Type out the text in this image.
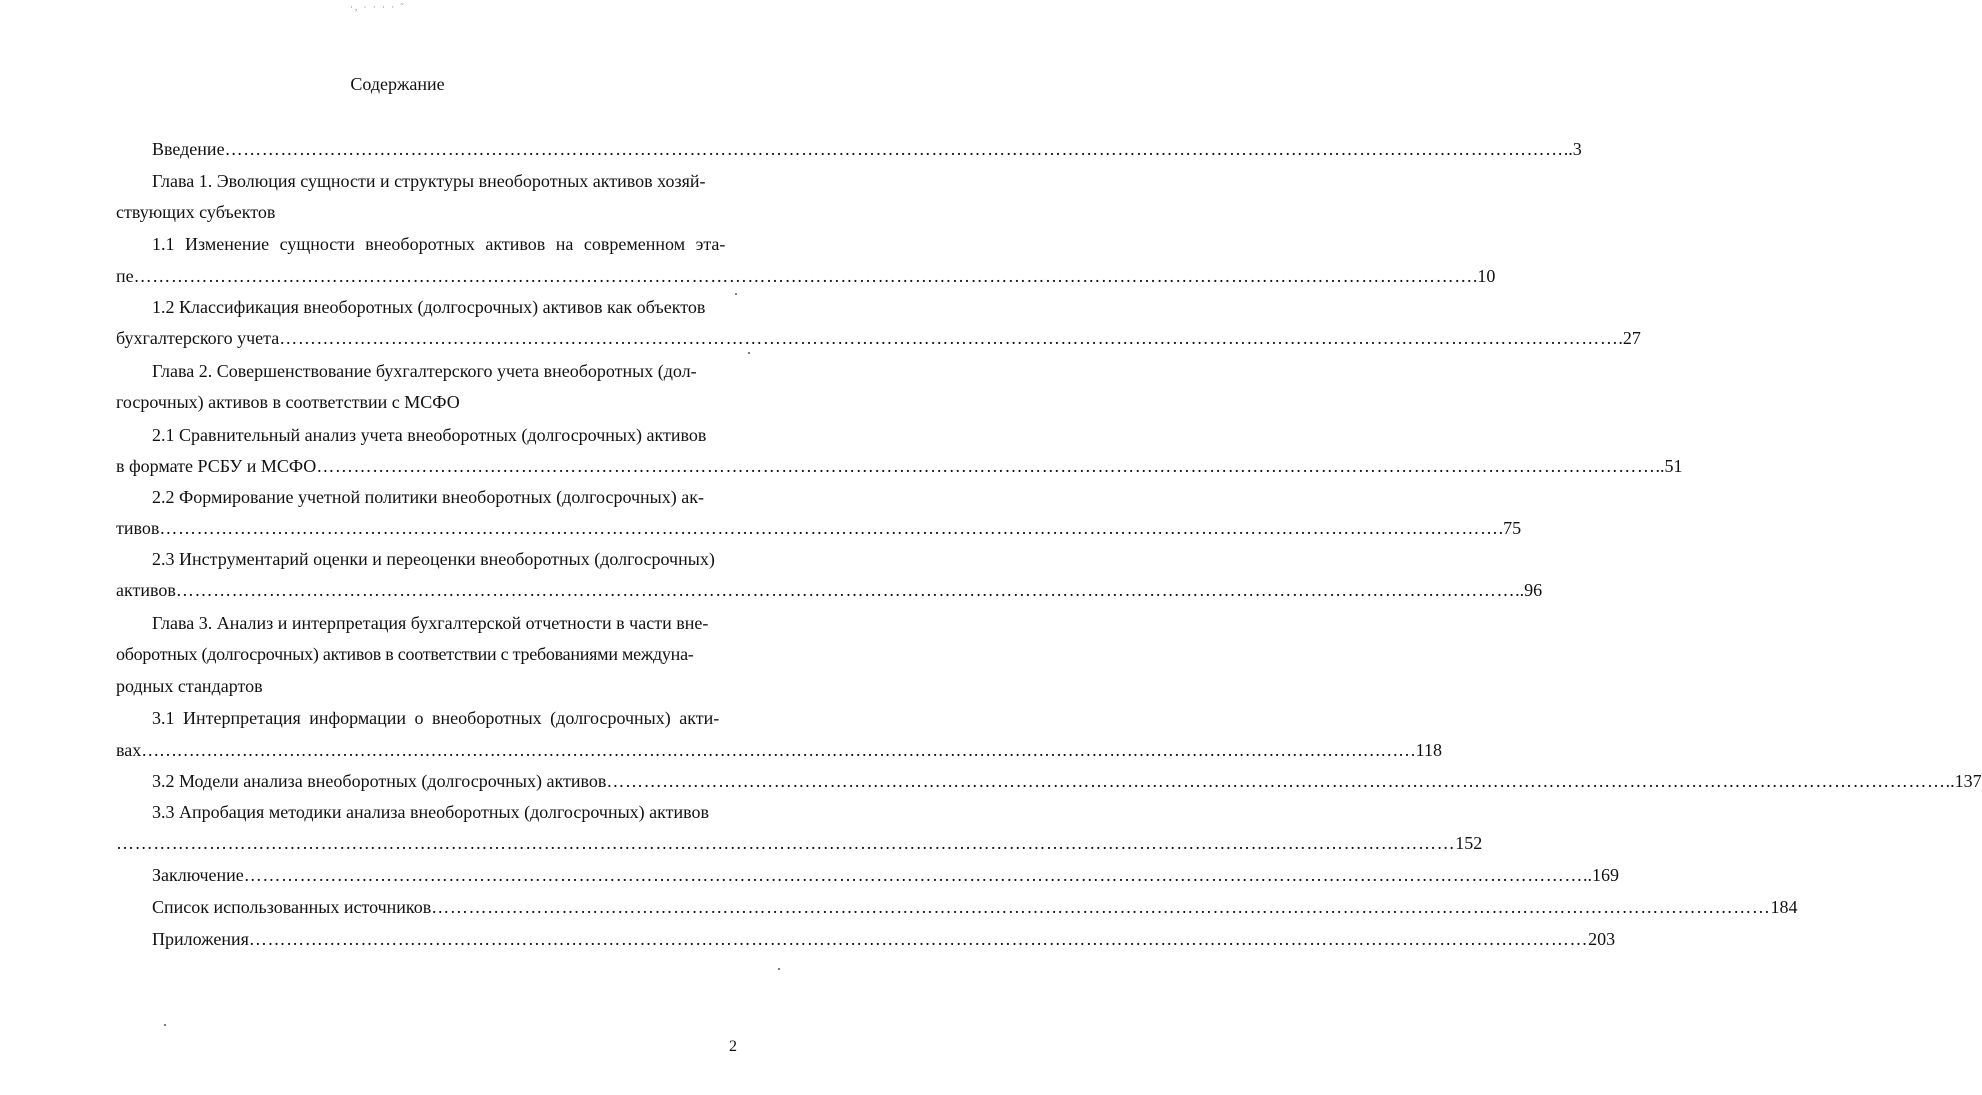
·, · · · · ˜
Содержание
Введение ……………………………………………………………………………………………………………………………………………………………………………………………… ..3
Глава 1. Эволюция сущности и структуры внеоборотных активов хозяй-
ствующих субъектов
1.1 Изменение сущности внеоборотных активов на современном эта-
пе ……………………………………………………………………………………………………………………………………………………………………………………………… .10
1.2 Классификация внеоборотных (долгосрочных) активов как объектов
бухгалтерского учета ……………………………………………………………………………………………………………………………………………………………………………………………… .27
Глава 2. Совершенствование бухгалтерского учета внеоборотных (дол-
госрочных) активов в соответствии с МСФО
2.1 Сравнительный анализ учета внеоборотных (долгосрочных) активов
в формате РСБУ и МСФО ……………………………………………………………………………………………………………………………………………………………………………………………… ..51
2.2 Формирование учетной политики внеоборотных (долгосрочных) ак-
тивов ……………………………………………………………………………………………………………………………………………………………………………………………… .75
2.3 Инструментарий оценки и переоценки внеоборотных (долгосрочных)
активов ……………………………………………………………………………………………………………………………………………………………………………………………… ..96
Глава 3. Анализ и интерпретация бухгалтерской отчетности в части вне-
оборотных (долгосрочных) активов в соответствии с требованиями междуна-
родных стандартов
3.1 Интерпретация информации о внеоборотных (долгосрочных) акти-
вах ……………………………………………………………………………………………………………………………………………………………………………………………… 118
3.2 Модели анализа внеоборотных (долгосрочных) активов ……………………………………………………………………………………………………………………………………………………………………………………………… ..137
3.3 Апробация методики анализа внеоборотных (долгосрочных) активов
……………………………………………………………………………………………………………………………………………………………………………………………… 152
Заключение ……………………………………………………………………………………………………………………………………………………………………………………………… ..169
Список использованных источников ……………………………………………………………………………………………………………………………………………………………………………………………… 184
Приложения ……………………………………………………………………………………………………………………………………………………………………………………………… 203
2
